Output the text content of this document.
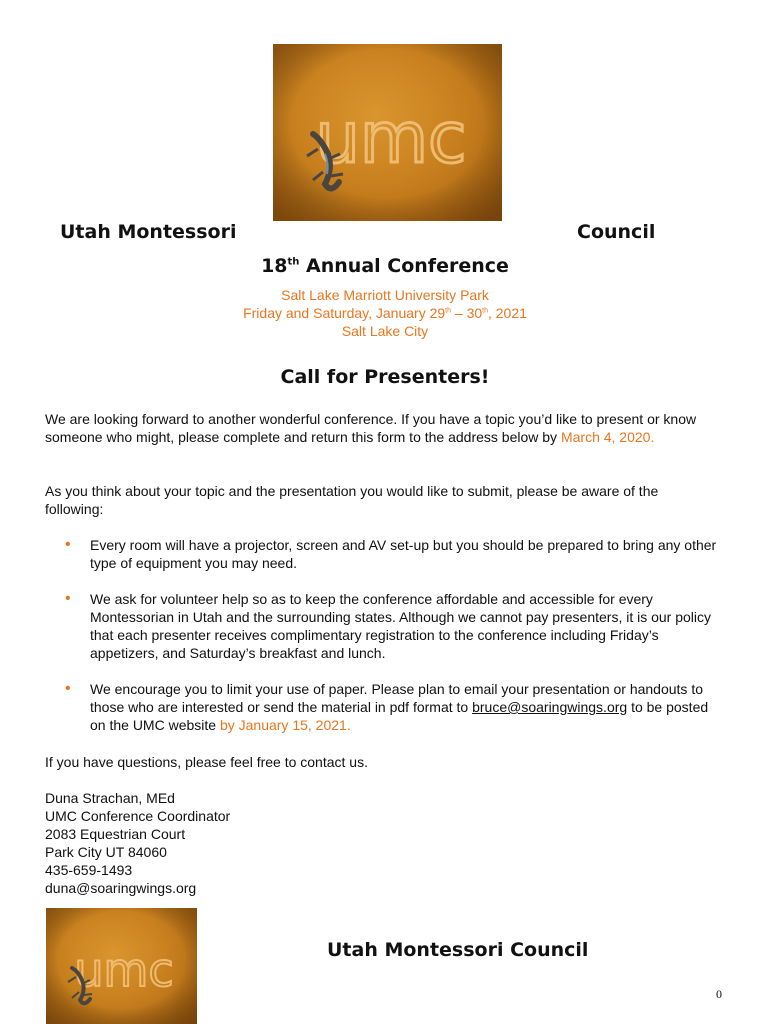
umc
Utah Montessori	Council
18th Annual Conference
Salt Lake Marriott University Park
Friday and Saturday, January 29th – 30th, 2021
Salt Lake City
Call for Presenters!
We are looking forward to another wonderful conference. If you have a topic you’d like to present or know someone who might, please complete and return this form to the address below by March 4, 2020.
As you think about your topic and the presentation you would like to submit, please be aware of the following:
• Every room will have a projector, screen and AV set-up but you should be prepared to bring any other type of equipment you may need.
• We ask for volunteer help so as to keep the conference affordable and accessible for every Montessorian in Utah and the surrounding states. Although we cannot pay presenters, it is our policy that each presenter receives complimentary registration to the conference including Friday’s appetizers, and Saturday’s breakfast and lunch.
• We encourage you to limit your use of paper. Please plan to email your presentation or handouts to those who are interested or send the material in pdf format to bruce@soaringwings.org to be posted on the UMC website by January 15, 2021.
If you have questions, please feel free to contact us.
Duna Strachan, MEd
UMC Conference Coordinator
2083 Equestrian Court
Park City UT 84060
435-659-1493
duna@soaringwings.org
umc	Utah Montessori Council
0
